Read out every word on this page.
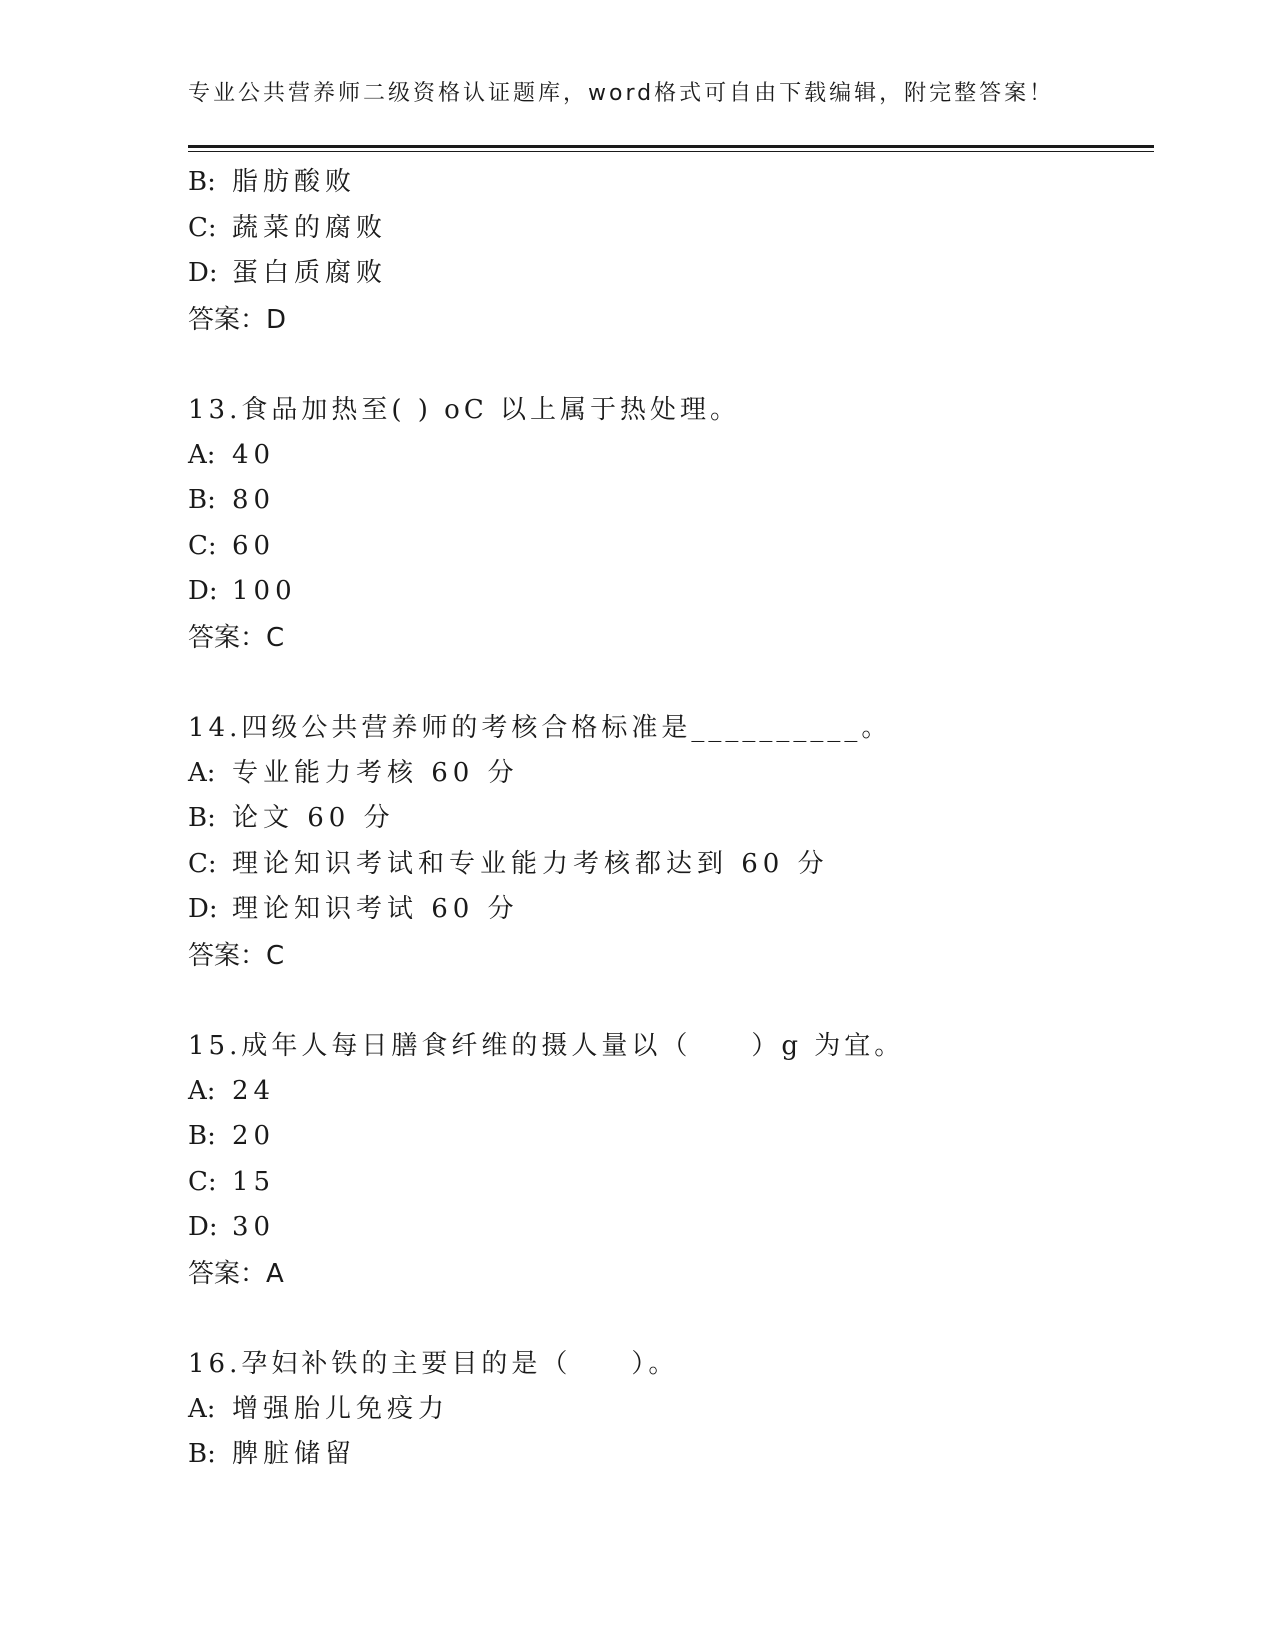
专业公共营养师二级资格认证题库，word格式可自由下载编辑，附完整答案！
B: 脂肪酸败
C: 蔬菜的腐败
D: 蛋白质腐败
答案：D
13.食品加热至( ) oC 以上属于热处理。
A: 40
B: 80
C: 60
D: 100
答案：C
14.四级公共营养师的考核合格标准是__________。
A: 专业能力考核 60 分
B: 论文 60 分
C: 理论知识考试和专业能力考核都达到 60 分
D: 理论知识考试 60 分
答案：C
15.成年人每日膳食纤维的摄人量以（　　）g 为宜。
A: 24
B: 20
C: 15
D: 30
答案：A
16.孕妇补铁的主要目的是（　　）。
A: 增强胎儿免疫力
B: 脾脏储留
